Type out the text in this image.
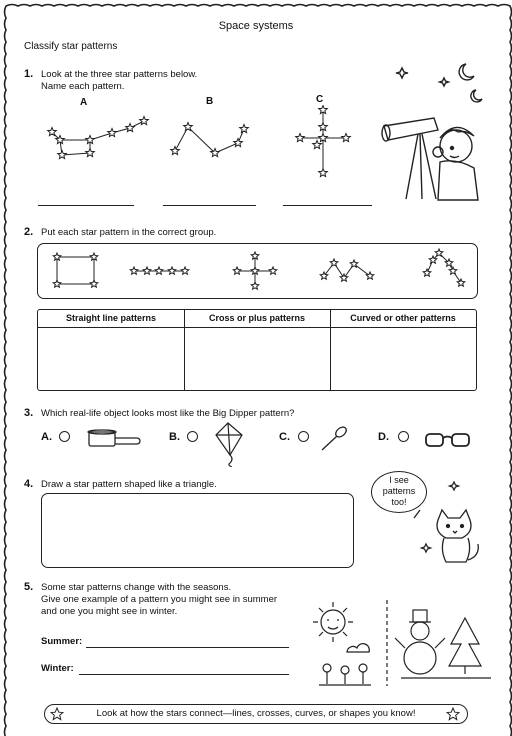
Space systems
Classify star patterns
1. Look at the three star patterns below.
Name each pattern.
A	B	C
2. Put each star pattern in the correct group.
Straight line patterns	Cross or plus patterns	Curved or other patterns
3. Which real-life object looks most like the Big Dipper pattern?
A.	B.	C.	D.
4. Draw a star pattern shaped like a triangle.	I see
patterns
too!
5. Some star patterns change with the seasons.
Give one example of a pattern you might see in summer
and one you might see in winter.
Summer:
Winter:
Look at how the stars connect—lines, crosses, curves, or shapes you know!
